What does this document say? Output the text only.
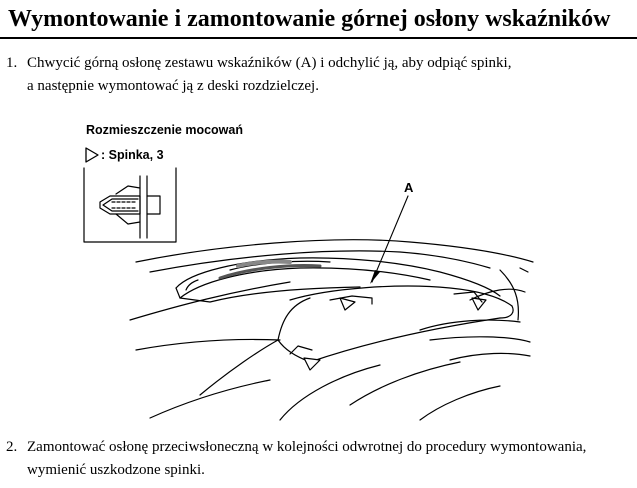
Wymontowanie i zamontowanie górnej osłony wskaźników
1. Chwycić górną osłonę zestawu wskaźników (A) i odchylić ją, aby odpiąć spinki,
a następnie wymontować ją z deski rozdzielczej.
Rozmieszczenie mocowań
: Spinka, 3
A
2. Zamontować osłonę przeciwsłoneczną w kolejności odwrotnej do procedury wymontowania,
wymienić uszkodzone spinki.
